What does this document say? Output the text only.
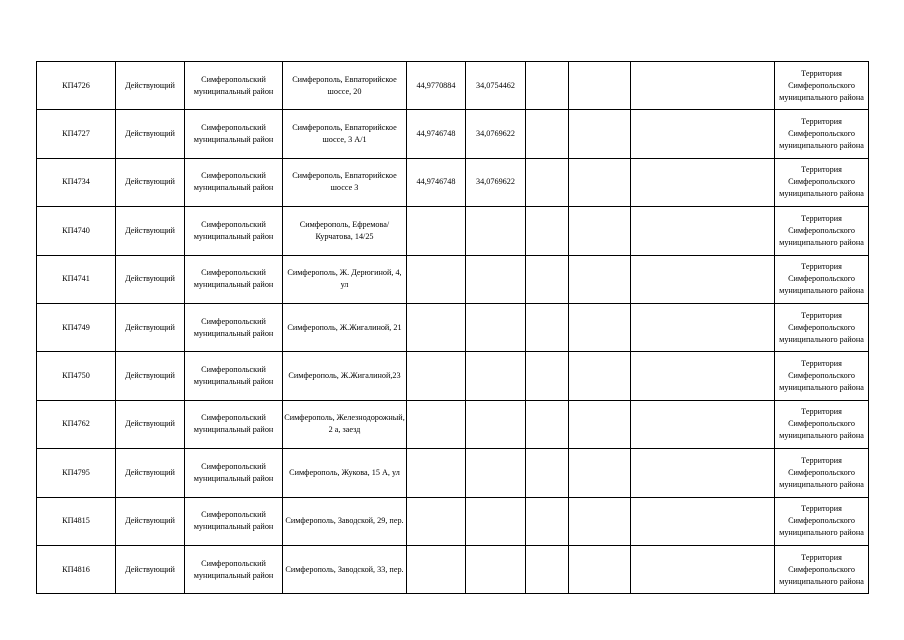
КП4726	Действующий	Симферопольский муниципальный район	Симферополь, Евпаторийское шоссе, 20	44,9770884	34,0754462				Территория Симферопольского муниципального района
КП4727	Действующий	Симферопольский муниципальный район	Симферополь, Евпаторийское шоссе, 3 А/1	44,9746748	34,0769622				Территория Симферопольского муниципального района
КП4734	Действующий	Симферопольский муниципальный район	Симферополь, Евпаторийское шоссе 3	44,9746748	34,0769622				Территория Симферопольского муниципального района
КП4740	Действующий	Симферопольский муниципальный район	Симферополь, Ефремова/Курчатова, 14/25						Территория Симферопольского муниципального района
КП4741	Действующий	Симферопольский муниципальный район	Симферополь, Ж. Дерюгиной, 4, ул						Территория Симферопольского муниципального района
КП4749	Действующий	Симферопольский муниципальный район	Симферополь, Ж.Жигалиной, 21						Территория Симферопольского муниципального района
КП4750	Действующий	Симферопольский муниципальный район	Симферополь, Ж.Жигалиной,23						Территория Симферопольского муниципального района
КП4762	Действующий	Симферопольский муниципальный район	Симферополь, Железнодорожный, 2 а, заезд						Территория Симферопольского муниципального района
КП4795	Действующий	Симферопольский муниципальный район	Симферополь, Жукова, 15 А, ул						Территория Симферопольского муниципального района
КП4815	Действующий	Симферопольский муниципальный район	Симферополь, Заводской, 29, пер.						Территория Симферопольского муниципального района
КП4816	Действующий	Симферопольский муниципальный район	Симферополь, Заводской, 33, пер.						Территория Симферопольского муниципального района
